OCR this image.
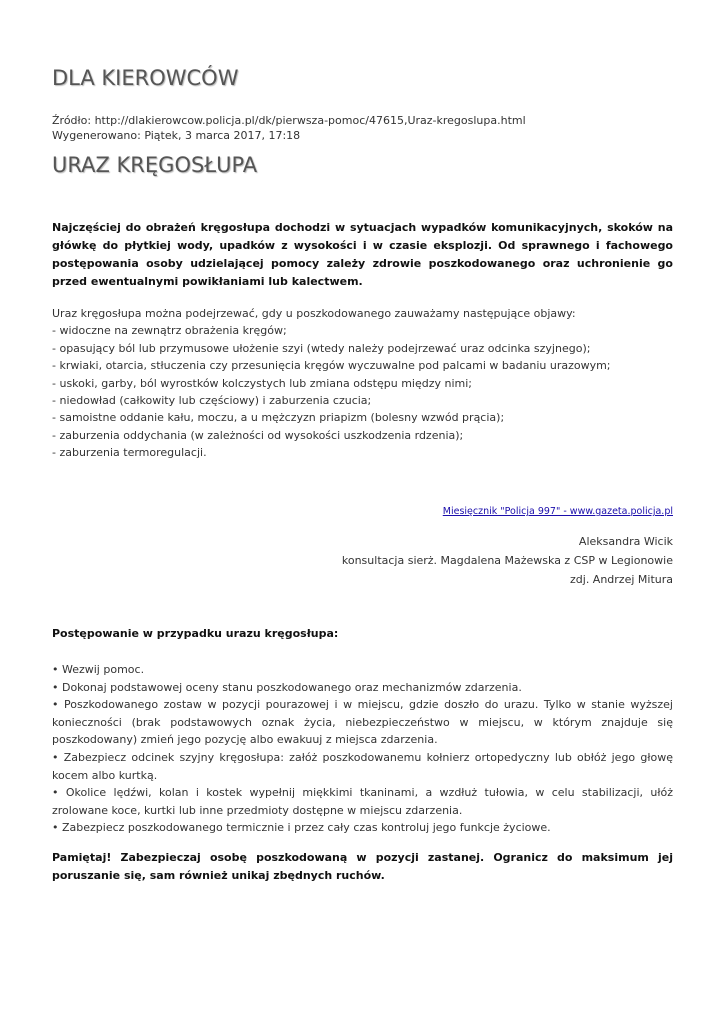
DLA KIEROWCÓW
Źródło: http://dlakierowcow.policja.pl/dk/pierwsza-pomoc/47615,Uraz-kregoslupa.html
Wygenerowano: Piątek, 3 marca 2017, 17:18
URAZ KRĘGOSŁUPA

Najczęściej do obrażeń kręgosłupa dochodzi w sytuacjach wypadków komunikacyjnych, skoków na główkę do płytkiej wody, upadków z wysokości i w czasie eksplozji. Od sprawnego i fachowego postępowania osoby udzielającej pomocy zależy zdrowie poszkodowanego oraz uchronienie go przed ewentualnymi powikłaniami lub kalectwem.

Uraz kręgosłupa można podejrzewać, gdy u poszkodowanego zauważamy następujące objawy:
- widoczne na zewnątrz obrażenia kręgów;
- opasujący ból lub przymusowe ułożenie szyi (wtedy należy podejrzewać uraz odcinka szyjnego);
- krwiaki, otarcia, stłuczenia czy przesunięcia kręgów wyczuwalne pod palcami w badaniu urazowym;
- uskoki, garby, ból wyrostków kolczystych lub zmiana odstępu między nimi;
- niedowład (całkowity lub częściowy) i zaburzenia czucia;
- samoistne oddanie kału, moczu, a u mężczyzn priapizm (bolesny wzwód prącia);
- zaburzenia oddychania (w zależności od wysokości uszkodzenia rdzenia);
- zaburzenia termoregulacji.
Miesięcznik "Policja 997" - www.gazeta.policja.pl
Aleksandra Wicik
konsultacja sierż. Magdalena Mażewska z CSP w Legionowie
zdj. Andrzej Mitura
Postępowanie w przypadku urazu kręgosłupa:
• Wezwij pomoc.
• Dokonaj podstawowej oceny stanu poszkodowanego oraz mechanizmów zdarzenia.
• Poszkodowanego zostaw w pozycji pourazowej i w miejscu, gdzie doszło do urazu. Tylko w stanie wyższej konieczności (brak podstawowych oznak życia, niebezpieczeństwo w miejscu, w którym znajduje się poszkodowany) zmień jego pozycję albo ewakuuj z miejsca zdarzenia.
• Zabezpiecz odcinek szyjny kręgosłupa: załóż poszkodowanemu kołnierz ortopedyczny lub obłóż jego głowę kocem albo kurtką.
• Okolice lędźwi, kolan i kostek wypełnij miękkimi tkaninami, a wzdłuż tułowia, w celu stabilizacji, ułóż zrolowane koce, kurtki lub inne przedmioty dostępne w miejscu zdarzenia.
• Zabezpiecz poszkodowanego termicznie i przez cały czas kontroluj jego funkcje życiowe.

Pamiętaj! Zabezpieczaj osobę poszkodowaną w pozycji zastanej. Ogranicz do maksimum jej poruszanie się, sam również unikaj zbędnych ruchów.
